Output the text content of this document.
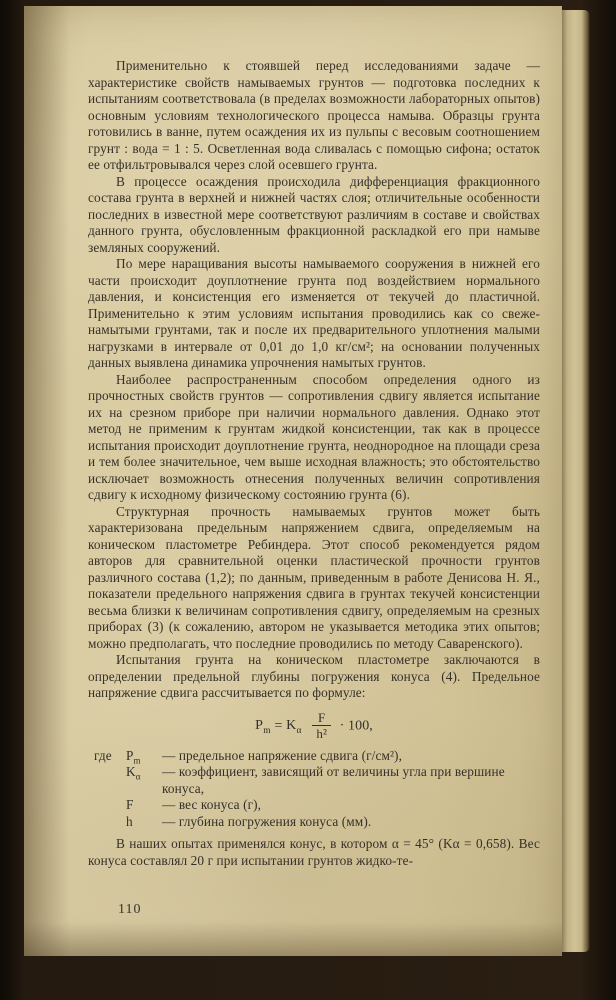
Применительно к стоявшей перед исследованиями задаче — характеристике свойств намываемых грунтов — подготовка последних к испытаниям соответствовала (в пределах возможности лабораторных опытов) основным условиям технологического процесса намыва. Образцы грунта готовились в ванне, путем осаждения их из пульпы с весовым соотношением грунт : вода = 1 : 5. Осветленная вода сливалась с помощью сифона; остаток ее отфильтровывался через слой осевшего грунта.

В процессе осаждения происходила дифференциация фракционного состава грунта в верхней и нижней частях слоя; отличительные особенности последних в известной мере соответствуют различиям в составе и свойствах данного грунта, обусловленным фракционной раскладкой его при намыве земляных сооружений.

По мере наращивания высоты намываемого сооружения в нижней его части происходит доуплотнение грунта под воздействием нормального давления, и консистенция его изменяется от текучей до пластичной. Применительно к этим условиям испытания проводились как со свеже-намытыми грунтами, так и после их предварительного уплотнения малыми нагрузками в интервале от 0,01 до 1,0 кг/см²; на основании полученных данных выявлена динамика упрочнения намытых грунтов.

Наиболее распространенным способом определения одного из прочностных свойств грунтов — сопротивления сдвигу является испытание их на срезном приборе при наличии нормального давления. Однако этот метод не применим к грунтам жидкой консистенции, так как в процессе испытания происходит доуплотнение грунта, неоднородное на площади среза и тем более значительное, чем выше исходная влажность; это обстоятельство исключает возможность отнесения полученных величин сопротивления сдвигу к исходному физическому состоянию грунта (6).

Структурная прочность намываемых грунтов может быть характеризована предельным напряжением сдвига, определяемым на коническом пластометре Ребиндера. Этот способ рекомендуется рядом авторов для сравнительной оценки пластической прочности грунтов различного состава (1,2); по данным, приведенным в работе Денисова Н. Я., показатели предельного напряжения сдвига в грунтах текучей консистенции весьма близки к величинам сопротивления сдвигу, определяемым на срезных приборах (3) (к сожалению, автором не указывается методика этих опытов; можно предполагать, что последние проводились по методу Саваренского).

Испытания грунта на коническом пластометре заключаются в определении предельной глубины погружения конуса (4). Предельное напряжение сдвига рассчитывается по формуле:

$P_m = K_\alpha \frac{F}{\text{h²}} \cdot 100$,
где	$P_m$	— предельное напряжение сдвига (г/см²),
$K_\alpha$	— коэффициент, зависящий от величины угла при вершине конуса,
F	— вес конуса (г),
h	— глубина погружения конуса (мм).

В наших опытах применялся конус, в котором α = 45° (Kα = 0,658). Вес конуса составлял 20 г при испытании грунтов жидко-те-

110
